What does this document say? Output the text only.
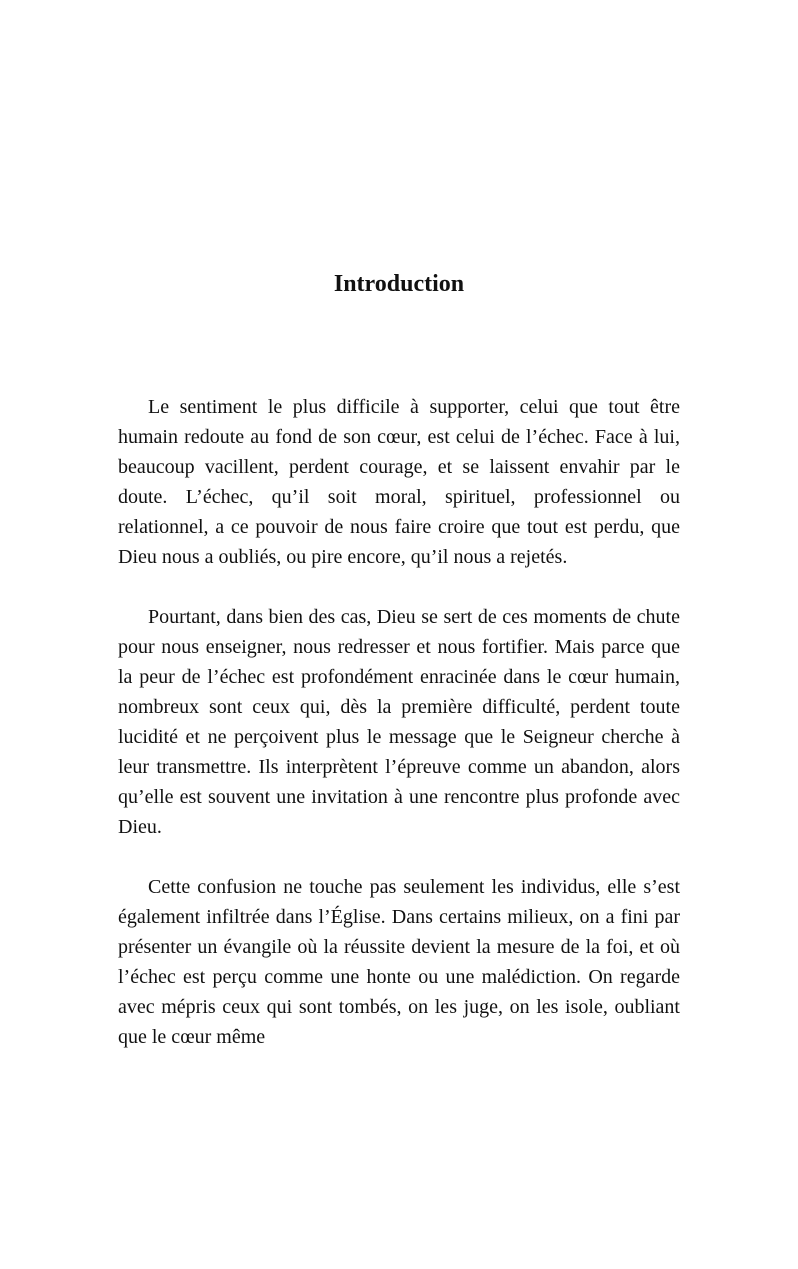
Introduction

Le sentiment le plus difficile à supporter, celui que tout être humain redoute au fond de son cœur, est celui de l’échec. Face à lui, beaucoup vacillent, perdent courage, et se laissent envahir par le doute. L’échec, qu’il soit moral, spirituel, professionnel ou relationnel, a ce pouvoir de nous faire croire que tout est perdu, que Dieu nous a oubliés, ou pire encore, qu’il nous a rejetés.

Pourtant, dans bien des cas, Dieu se sert de ces moments de chute pour nous enseigner, nous redresser et nous fortifier. Mais parce que la peur de l’échec est profondément enracinée dans le cœur humain, nombreux sont ceux qui, dès la première difficulté, perdent toute lucidité et ne perçoivent plus le message que le Seigneur cherche à leur transmettre. Ils interprètent l’épreuve comme un abandon, alors qu’elle est souvent une invitation à une rencontre plus profonde avec Dieu.

Cette confusion ne touche pas seulement les individus, elle s’est également infiltrée dans l’Église. Dans certains milieux, on a fini par présenter un évangile où la réussite devient la mesure de la foi, et où l’échec est perçu comme une honte ou une malédiction. On regarde avec mépris ceux qui sont tombés, on les juge, on les isole, oubliant que le cœur même
